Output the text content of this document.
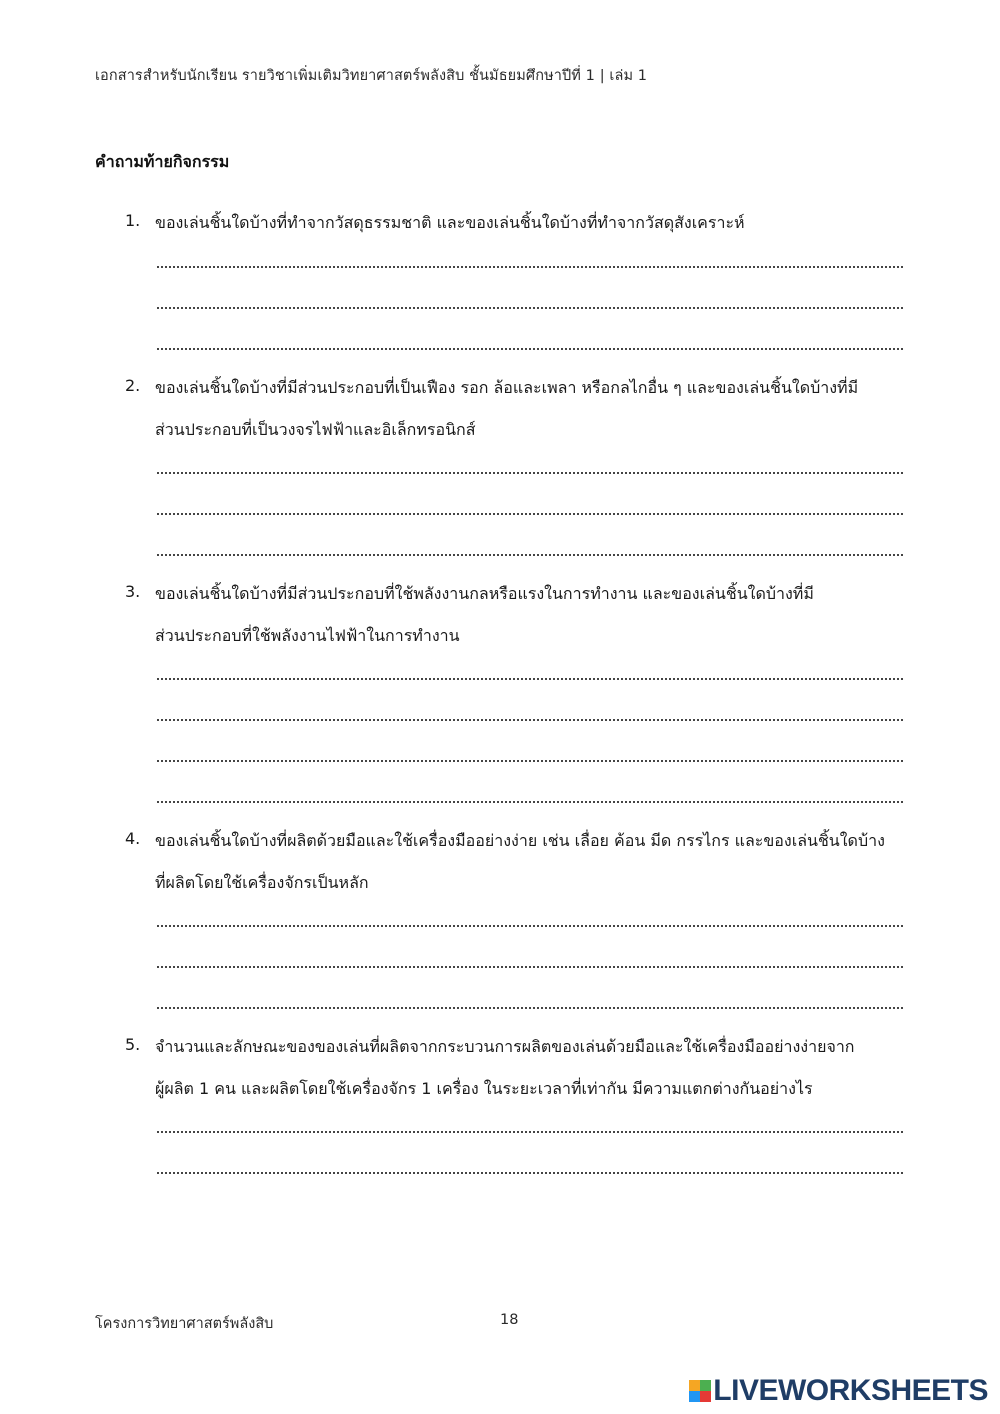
เอกสารสำหรับนักเรียน รายวิชาเพิ่มเติมวิทยาศาสตร์พลังสิบ ชั้นมัธยมศึกษาปีที่ 1 | เล่ม 1
คำถามท้ายกิจกรรม
1. ของเล่นชิ้นใดบ้างที่ทำจากวัสดุธรรมชาติ และของเล่นชิ้นใดบ้างที่ทำจากวัสดุสังเคราะห์
2. ของเล่นชิ้นใดบ้างที่มีส่วนประกอบที่เป็นเฟือง รอก ล้อและเพลา หรือกลไกอื่น ๆ และของเล่นชิ้นใดบ้างที่มี
ส่วนประกอบที่เป็นวงจรไฟฟ้าและอิเล็กทรอนิกส์
3. ของเล่นชิ้นใดบ้างที่มีส่วนประกอบที่ใช้พลังงานกลหรือแรงในการทำงาน และของเล่นชิ้นใดบ้างที่มี
ส่วนประกอบที่ใช้พลังงานไฟฟ้าในการทำงาน
4. ของเล่นชิ้นใดบ้างที่ผลิตด้วยมือและใช้เครื่องมืออย่างง่าย เช่น เลื่อย ค้อน มีด กรรไกร และของเล่นชิ้นใดบ้าง
ที่ผลิตโดยใช้เครื่องจักรเป็นหลัก
5. จำนวนและลักษณะของของเล่นที่ผลิตจากกระบวนการผลิตของเล่นด้วยมือและใช้เครื่องมืออย่างง่ายจาก
ผู้ผลิต 1 คน และผลิตโดยใช้เครื่องจักร 1 เครื่อง ในระยะเวลาที่เท่ากัน มีความแตกต่างกันอย่างไร
โครงการวิทยาศาสตร์พลังสิบ	18
LIVEWORKSHEETS
